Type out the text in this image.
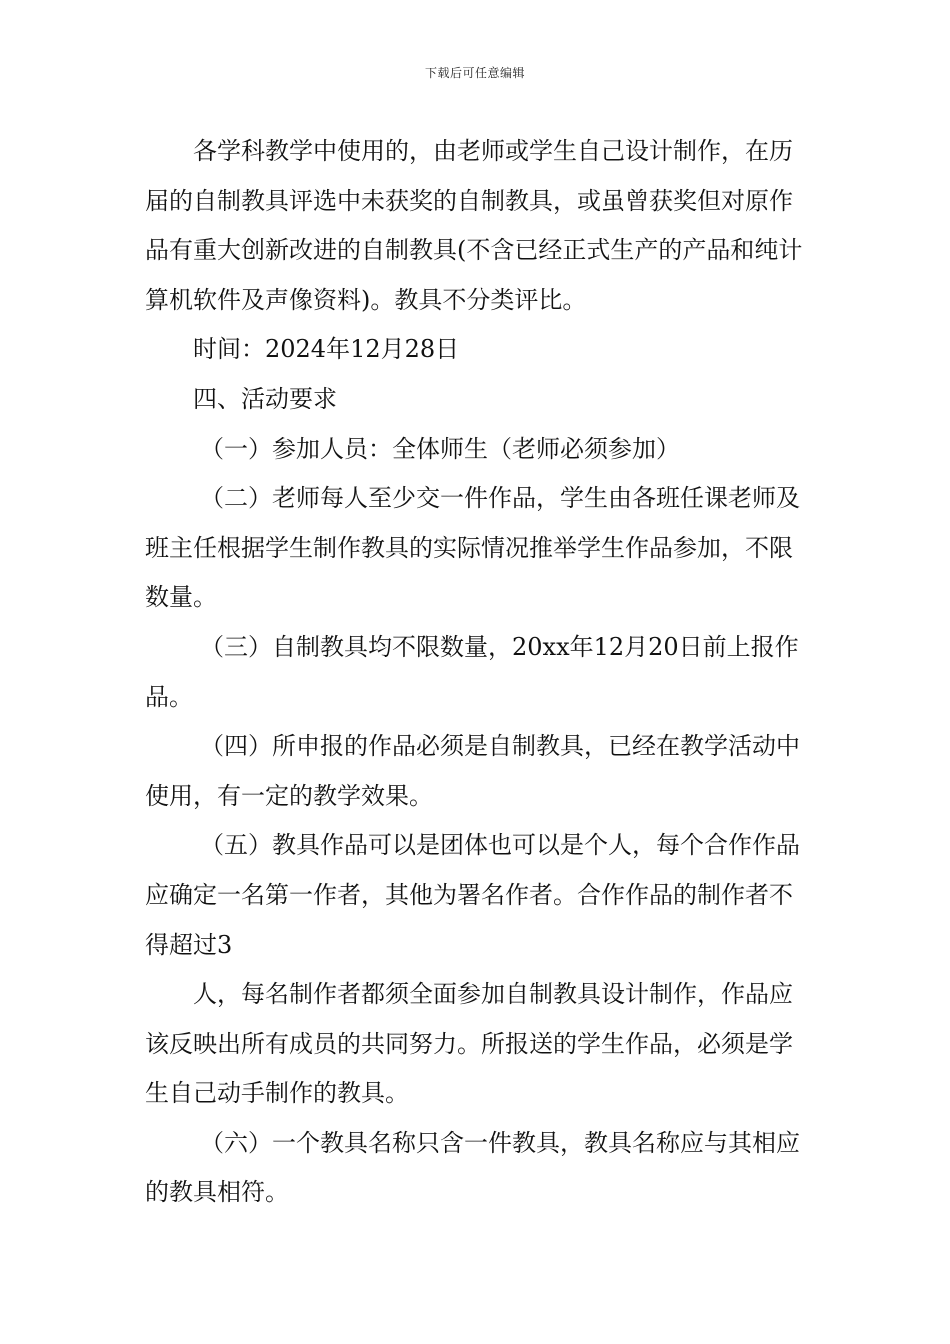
下载后可任意编辑

各学科教学中使用的，由老师或学生自己设计制作，在历届的自制教具评选中未获奖的自制教具，或虽曾获奖但对原作品有重大创新改进的自制教具(不含已经正式生产的产品和纯计算机软件及声像资料)。教具不分类评比。

时间：2024年12月28日

四、活动要求

（一）参加人员：全体师生（老师必须参加）

（二）老师每人至少交一件作品，学生由各班任课老师及班主任根据学生制作教具的实际情况推举学生作品参加，不限数量。

（三）自制教具均不限数量，20xx年12月20日前上报作品。

（四）所申报的作品必须是自制教具，已经在教学活动中使用，有一定的教学效果。

（五）教具作品可以是团体也可以是个人，每个合作作品应确定一名第一作者，其他为署名作者。合作作品的制作者不得超过3

人，每名制作者都须全面参加自制教具设计制作，作品应该反映出所有成员的共同努力。所报送的学生作品，必须是学生自己动手制作的教具。

（六）一个教具名称只含一件教具，教具名称应与其相应的教具相符。
